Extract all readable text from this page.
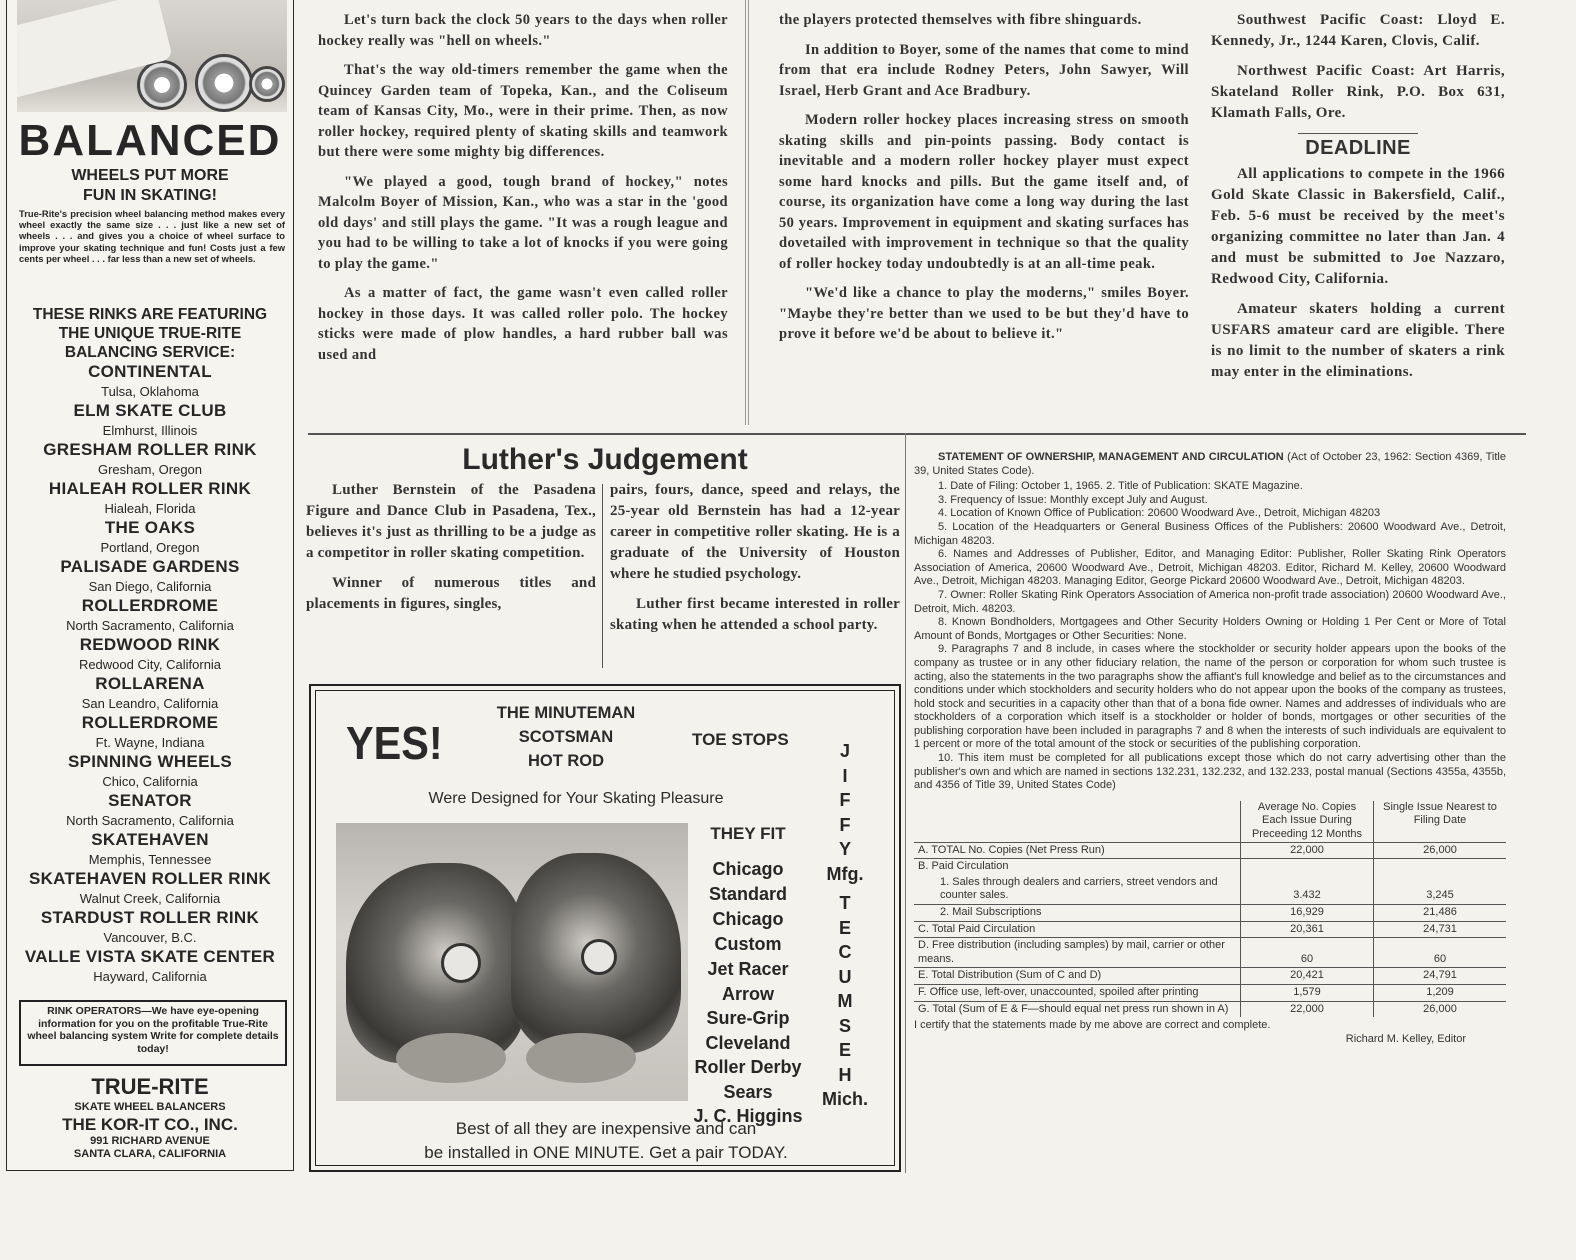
BALANCED
WHEELS PUT MORE FUN IN SKATING!
True-Rite's precision wheel balancing method makes every wheel exactly the same size . . . just like a new set of wheels . . . and gives you a choice of wheel surface to improve your skating technique and fun! Costs just a few cents per wheel . . . far less than a new set of wheels.
THESE RINKS ARE FEATURING THE UNIQUE TRUE-RITE BALANCING SERVICE:
CONTINENTAL
Tulsa, Oklahoma
ELM SKATE CLUB
Elmhurst, Illinois
GRESHAM ROLLER RINK
Gresham, Oregon
HIALEAH ROLLER RINK
Hialeah, Florida
THE OAKS
Portland, Oregon
PALISADE GARDENS
San Diego, California
ROLLERDROME
North Sacramento, California
REDWOOD RINK
Redwood City, California
ROLLARENA
San Leandro, California
ROLLERDROME
Ft. Wayne, Indiana
SPINNING WHEELS
Chico, California
SENATOR
North Sacramento, California
SKATEHAVEN
Memphis, Tennessee
SKATEHAVEN ROLLER RINK
Walnut Creek, California
STARDUST ROLLER RINK
Vancouver, B.C.
VALLE VISTA SKATE CENTER
Hayward, California
RINK OPERATORS—We have eye-opening information for you on the profitable True-Rite wheel balancing system Write for complete details today!
TRUE-RITE
SKATE WHEEL BALANCERS
THE KOR-IT CO., INC.
991 RICHARD AVENUE
SANTA CLARA, CALIFORNIA

Let's turn back the clock 50 years to the days when roller hockey really was "hell on wheels."

That's the way old-timers remember the game when the Quincey Garden team of Topeka, Kan., and the Coliseum team of Kansas City, Mo., were in their prime. Then, as now roller hockey, required plenty of skating skills and teamwork but there were some mighty big differences.

"We played a good, tough brand of hockey," notes Malcolm Boyer of Mission, Kan., who was a star in the 'good old days' and still plays the game. "It was a rough league and you had to be willing to take a lot of knocks if you were going to play the game."

As a matter of fact, the game wasn't even called roller hockey in those days. It was called roller polo. The hockey sticks were made of plow handles, a hard rubber ball was used and

the players protected themselves with fibre shinguards.

In addition to Boyer, some of the names that come to mind from that era include Rodney Peters, John Sawyer, Will Israel, Herb Grant and Ace Bradbury.

Modern roller hockey places increasing stress on smooth skating skills and pin-points passing. Body contact is inevitable and a modern roller hockey player must expect some hard knocks and pills. But the game itself and, of course, its organization have come a long way during the last 50 years. Improvement in equipment and skating surfaces has dovetailed with improvement in technique so that the quality of roller hockey today undoubtedly is at an all-time peak.

"We'd like a chance to play the moderns," smiles Boyer. "Maybe they're better than we used to be but they'd have to prove it before we'd be about to believe it."

Southwest Pacific Coast: Lloyd E. Kennedy, Jr., 1244 Karen, Clovis, Calif.

Northwest Pacific Coast: Art Harris, Skateland Roller Rink, P.O. Box 631, Klamath Falls, Ore.

DEADLINE

All applications to compete in the 1966 Gold Skate Classic in Bakersfield, Calif., Feb. 5-6 must be received by the meet's organizing committee no later than Jan. 4 and must be submitted to Joe Nazzaro, Redwood City, California.

Amateur skaters holding a current USFARS amateur card are eligible. There is no limit to the number of skaters a rink may enter in the eliminations.

Luther's Judgement

Luther Bernstein of the Pasadena Figure and Dance Club in Pasadena, Tex., believes it's just as thrilling to be a judge as a competitor in roller skating competition.

Winner of numerous titles and placements in figures, singles,

pairs, fours, dance, speed and relays, the 25-year old Bernstein has had a 12-year career in competitive roller skating. He is a graduate of the University of Houston where he studied psychology.

Luther first became interested in roller skating when he attended a school party.

YES!
THE MINUTEMAN
SCOTSMAN
HOT ROD
TOE STOPS
Were Designed for Your Skating Pleasure
THEY FIT
Chicago Standard
Chicago Custom
Jet Racer
Arrow
Sure-Grip
Cleveland
Roller Derby
Sears
J. C. Higgins
J
I
F
F
Y
Mfg.
T
E
C
U
M
S
E
H
Mich.
Best of all they are inexpensive and can
be installed in ONE MINUTE. Get a pair TODAY.

STATEMENT OF OWNERSHIP, MANAGEMENT AND CIRCULATION (Act of October 23, 1962: Section 4369, Title 39, United States Code).

1. Date of Filing: October 1, 1965. 2. Title of Publication: SKATE Magazine.

3. Frequency of Issue: Monthly except July and August.

4. Location of Known Office of Publication: 20600 Woodward Ave., Detroit, Michigan 48203

5. Location of the Headquarters or General Business Offices of the Publishers: 20600 Woodward Ave., Detroit, Michigan 48203.

6. Names and Addresses of Publisher, Editor, and Managing Editor: Publisher, Roller Skating Rink Operators Association of America, 20600 Woodward Ave., Detroit, Michigan 48203. Editor, Richard M. Kelley, 20600 Woodward Ave., Detroit, Michigan 48203. Managing Editor, George Pickard 20600 Woodward Ave., Detroit, Michigan 48203.

7. Owner: Roller Skating Rink Operators Association of America non-profit trade association) 20600 Woodward Ave., Detroit, Mich. 48203.

8. Known Bondholders, Mortgagees and Other Security Holders Owning or Holding 1 Per Cent or More of Total Amount of Bonds, Mortgages or Other Securities: None.

9. Paragraphs 7 and 8 include, in cases where the stockholder or security holder appears upon the books of the company as trustee or in any other fiduciary relation, the name of the person or corporation for whom such trustee is acting, also the statements in the two paragraphs show the affiant's full knowledge and belief as to the circumstances and conditions under which stockholders and security holders who do not appear upon the books of the company as trustees, hold stock and securities in a capacity other than that of a bona fide owner. Names and addresses of individuals who are stockholders of a corporation which itself is a stockholder or holder of bonds, mortgages or other securities of the publishing corporation have been included in paragraphs 7 and 8 when the interests of such individuals are equivalent to 1 percent or more of the total amount of the stock or securities of the publishing corporation.

10. This item must be completed for all publications except those which do not carry advertising other than the publisher's own and which are named in sections 132.231, 132.232, and 132.233, postal manual (Sections 4355a, 4355b, and 4356 of Title 39, United States Code)

	Average No. Copies Each Issue During Preceeding 12 Months	Single Issue Nearest to Filing Date
A. TOTAL No. Copies (Net Press Run)	22,000	26,000
B. Paid Circulation		
1. Sales through dealers and carriers, street vendors and counter sales.	3.432	3,245
2. Mail Subscriptions	16,929	21,486
C. Total Paid Circulation	20,361	24,731
D. Free distribution (including samples) by mail, carrier or other means.	60	60
E. Total Distribution (Sum of C and D)	20,421	24,791
F. Office use, left-over, unaccounted, spoiled after printing	1,579	1,209
G. Total (Sum of E & F—should equal net press run shown in A)	22,000	26,000

I certify that the statements made by me above are correct and complete.

Richard M. Kelley, Editor
